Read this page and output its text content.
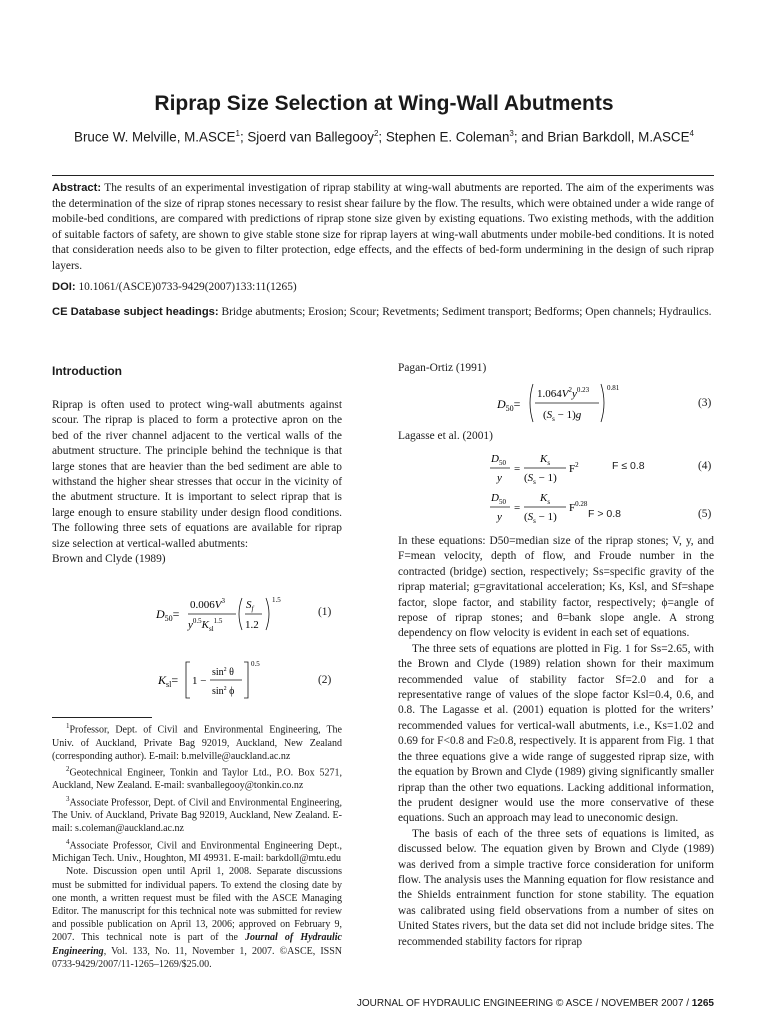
Riprap Size Selection at Wing-Wall Abutments
Bruce W. Melville, M.ASCE$^1$; Sjoerd van Ballegooy$^2$; Stephen E. Coleman$^3$; and Brian Barkdoll, M.ASCE$^4$
Abstract: The results of an experimental investigation of riprap stability at wing-wall abutments are reported. The aim of the experiments was the determination of the size of riprap stones necessary to resist shear failure by the flow. The results, which were obtained under a wide range of mobile-bed conditions, are compared with predictions of riprap stone size given by existing equations. Two existing methods, with the addition of suitable factors of safety, are shown to give stable stone size for riprap layers at wing-wall abutments under mobile-bed conditions. It is noted that consideration needs also to be given to filter protection, edge effects, and the effects of bed-form undermining in the design of such riprap layers.
DOI: 10.1061/(ASCE)0733-9429(2007)133:11(1265)
CE Database subject headings: Bridge abutments; Erosion; Scour; Revetments; Sediment transport; Bedforms; Open channels; Hydraulics.
Introduction

Riprap is often used to protect wing-wall abutments against scour. The riprap is placed to form a protective apron on the bed of the river channel adjacent to the vertical walls of the abutment structure. The principle behind the technique is that large stones that are heavier than the bed sediment are able to withstand the higher shear stresses that occur in the vicinity of the abutment structure. It is important to select riprap that is large enough to ensure stability under design flood conditions. The following three sets of equations are available for riprap size selection at vertical-walled abutments:

Brown and Clyde (1989)

$D_{50}=$
$0.006V^3$
$y^{0.5}K_{sl}^{1.5}$
$S_f$
1.2
1.5
(1)
$K_{sl}= 1$ −
$\sin^2 \theta$
$\sin^2 \phi$
0.5
(2)

$^1$Professor, Dept. of Civil and Environmental Engineering, The Univ. of Auckland, Private Bag 92019, Auckland, New Zealand (corresponding author). E-mail: b.melville@auckland.ac.nz

$^2$Geotechnical Engineer, Tonkin and Taylor Ltd., P.O. Box 5271, Auckland, New Zealand. E-mail: svanballegooy@tonkin.co.nz

$^3$Associate Professor, Dept. of Civil and Environmental Engineering, The Univ. of Auckland, Private Bag 92019, Auckland, New Zealand. E-mail: s.coleman@auckland.ac.nz

$^4$Associate Professor, Civil and Environmental Engineering Dept., Michigan Tech. Univ., Houghton, MI 49931. E-mail: barkdoll@mtu.edu

Note. Discussion open until April 1, 2008. Separate discussions must be submitted for individual papers. To extend the closing date by one month, a written request must be filed with the ASCE Managing Editor. The manuscript for this technical note was submitted for review and possible publication on April 13, 2006; approved on February 9, 2007. This technical note is part of the Journal of Hydraulic Engineering, Vol. 133, No. 11, November 1, 2007. ©ASCE, ISSN 0733-9429/2007/11-1265–1269/$25.00.

Pagan-Ortiz (1991)
$D_{50}=$
$1.064V^2y^{0.23}$
$(S_s - 1)g$
0.81
(3)
Lagasse et al. (2001)
$D_{50}$
y
=
$K_s$
$(S_s - 1)$
$F^2$	F ≤ 0.8	(4)
$D_{50}$
y
=
$K_s$
$(S_s - 1)$
$F^{0.28}$
F > 0.8	(5)

In these equations: D50=median size of the riprap stones; V, y, and F=mean velocity, depth of flow, and Froude number in the contracted (bridge) section, respectively; Ss=specific gravity of the riprap material; g=gravitational acceleration; Ks, Ksl, and Sf=shape factor, slope factor, and stability factor, respectively; ϕ=angle of repose of riprap stones; and θ=bank slope angle. A strong dependency on flow velocity is evident in each set of equations.

The three sets of equations are plotted in Fig. 1 for Ss=2.65, with the Brown and Clyde (1989) relation shown for their maximum recommended value of stability factor Sf=2.0 and for a representative range of values of the slope factor Ksl=0.4, 0.6, and 0.8. The Lagasse et al. (2001) equation is plotted for the writers’ recommended values for vertical-wall abutments, i.e., Ks=1.02 and 0.69 for F<0.8 and F≥0.8, respectively. It is apparent from Fig. 1 that the three equations give a wide range of suggested riprap size, with the equation by Brown and Clyde (1989) giving significantly smaller riprap than the other two equations. Lacking additional information, the prudent designer would use the more conservative of these equations. Such an approach may lead to uneconomic design.

The basis of each of the three sets of equations is limited, as discussed below. The equation given by Brown and Clyde (1989) was derived from a simple tractive force consideration for uniform flow. The analysis uses the Manning equation for flow resistance and the Shields entrainment function for stone stability. The equation was calibrated using field observations from a number of sites on United States rivers, but the data set did not include bridge sites. The recommended stability factors for riprap

JOURNAL OF HYDRAULIC ENGINEERING © ASCE / NOVEMBER 2007 / 1265
